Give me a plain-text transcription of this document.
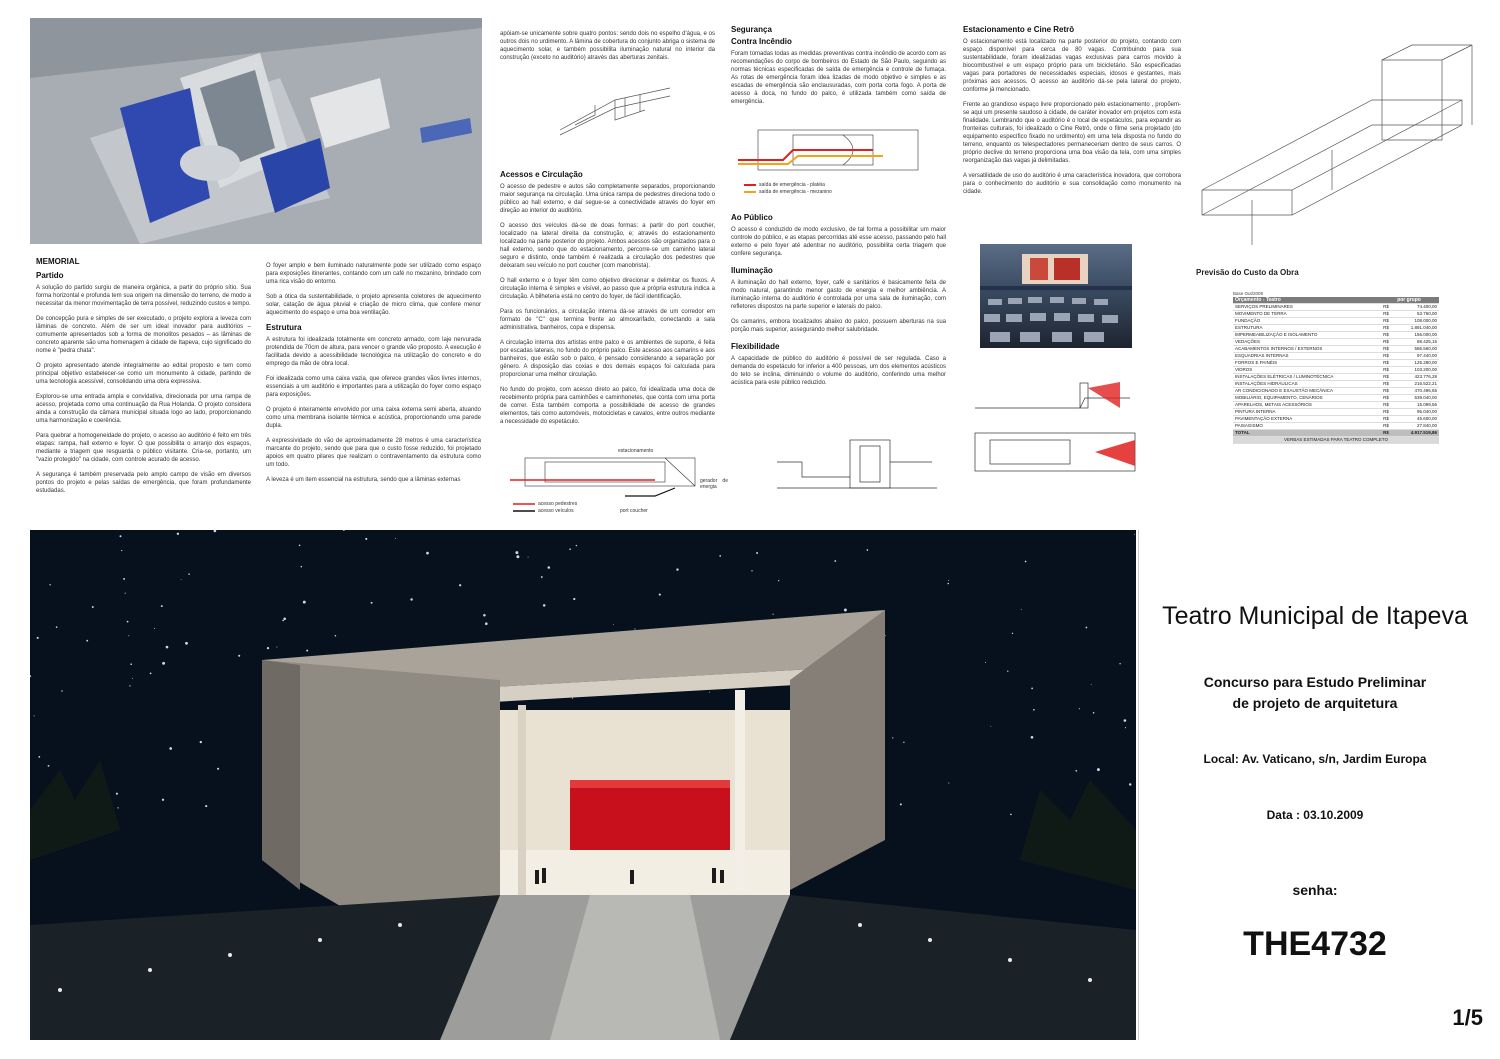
MEMORIAL
Partido

A solução do partido surgiu de maneira orgânica, a partir do próprio sítio. Sua forma horizontal e profunda tem sua origem na dimensão do terreno, de modo a necessitar da menor movimentação de terra possível, reduzindo custos e tempo.

De concepção pura e simples de ser executado, o projeto explora a leveza com lâminas de concreto. Além de ser um ideal inovador para auditórios – comumente apresentados sob a forma de monolitos pesados – as lâminas de concreto aparente são uma homenagem à cidade de Itapeva, cujo significado do nome é "pedra chata".

O projeto apresentado atende integralmente ao edital proposto e tem como principal objetivo estabelecer-se como um monumento à cidade, partindo de uma tecnologia acessível, consolidando uma obra expressiva.

Explorou-se uma entrada ampla e convidativa, direcionada por uma rampa de acesso, projetada como uma continuação da Rua Holanda. O projeto considera ainda a construção da câmara municipal situada logo ao lado, proporcionando uma harmonização e coerência.

Para quebrar a homogeneidade do projeto, o acesso ao auditório é feito em três etapas: rampa, hall externo e foyer. O que possibilita o arranjo dos espaços, mediante a triagem que resguarda o público visitante. Cria-se, portanto, um "vazio protegido" na cidade, com controle acurado de acesso.

A segurança é também preservada pelo amplo campo de visão em diversos pontos do projeto e pelas saídas de emergência, que foram profundamente estudadas.

O foyer amplo e bem iluminado naturalmente pode ser utilizado como espaço para exposições itinerantes, contando com um café no mezanino, brindado com uma rica visão do entorno.

Sob a ótica da sustentabilidade, o projeto apresenta coletores de aquecimento solar, catação de água pluvial e criação de micro clima, que confere menor aquecimento do espaço e uma boa ventilação.

Estrutura

A estrutura foi idealizada totalmente em concreto armado, com laje nervurada protendida de 70cm de altura, para vencer o grande vão proposto. A execução é facilitada devido a acessibilidade tecnológica na utilização do concreto e do emprego da mão de obra local.

Foi idealizada como uma caixa vazia, que oferece grandes vãos livres internos, essenciais a um auditório e importantes para a utilização do foyer como espaço para exposições.

O projeto é inteiramente envolvido por uma caixa externa semi aberta, atuando como uma membrana isolante térmica e acústica, proporcionando uma parede dupla.

A expressividade do vão de aproximadamente 28 metros é uma característica marcante do projeto, sendo que para que o custo fosse reduzido, foi projetado apoios em quatro pilares que realizam o contraventamento da estrutura como um todo.

A leveza é um item essencial na estrutura, sendo que a lâminas externas

apóiam-se unicamente sobre quatro pontos: sendo dois no espelho d'água, e os outros dois no urdimento. A lâmina de cobertura do conjunto abriga o sistema de aquecimento solar, e também possibilita iluminação natural no interior da construção (exceto no auditório) através das aberturas zenitais.

Acessos e Circulação

O acesso de pedestre e autos são completamente separados, proporcionando maior segurança na circulação. Uma única rampa de pedestres direciona todo o público ao hall externo, e daí segue-se a conectividade através do foyer em direção ao interior do auditório.

O acesso dos veículos dá-se de doas formas: a partir do port coucher, localizado na lateral direita da construção, e; através do estacionamento localizado na parte posterior do projeto. Ambos acessos são organizados para o hall externo, sendo que do estacionamento, percorre-se um caminho lateral seguro e distinto, onde também é realizada a circulação dos pedestres que deixaram seu veículo no port coucher (com manobrista).

O hall externo e o foyer têm como objetivo direcionar e delimitar os fluxos. A circulação interna é simples e visível, ao passo que a própria estrutura indica a circulação. A bilheteria está no centro do foyer, de fácil identificação.

Para os funcionários, a circulação interna dá-se através de um corredor em formato de "C" que termina frente ao almoxarifado, conectando a sala administrativa, banheiros, copa e dispensa.

A circulação interna dos artistas entre palco e os ambientes de suporte, é feita por escadas laterais, no fundo do próprio palco. Este acesso aos camarins e aos banheiros, que estão sob o palco, é pensado considerando a separação por gênero. A disposição das coxias e dos demais espaços foi calculada para proporcionar uma melhor circulação.

No fundo do projeto, com acesso direto ao palco, foi idealizada uma doca de recebimento própria para caminhões e caminhonetes, que conta com uma porta de correr. Esta também comporta a possibilidade de acesso de grandes elementos, tais como automóveis, motocicletas e cavalos, entre outros mediante a necessidade do espetáculo.

estacionamento
gerador de energia
acesso pedestres
acesso veículos	port coucher
Segurança
Contra Incêndio

Foram tomadas todas as medidas preventivas contra incêndio de acordo com as recomendações do corpo de bombeiros do Estado de São Paulo, seguindo as normas técnicas especificadas de saída de emergência e controle de fumaça. As rotas de emergência foram idea lizadas de modo objetivo e simples e as escadas de emergência são enclausuradas, com porta corta fogo. A porta de acesso à doca, no fundo do palco, é utilizada também como saída de emergência.

saída de emergência - platéia
saída de emergência - mezanino
Ao Público

O acesso é conduzido de modo exclusivo, de tal forma a possibilitar um maior controle do público, e as etapas percorridas até esse acesso, passando pelo hall externo e pelo foyer até adentrar no auditório, possibilita certa triagem que confere segurança.

Iluminação

A iluminação do hall externo, foyer, café e sanitários é basicamente feita de modo natural, garantindo menor gasto de energia e melhor ambiência. A iluminação interna do auditório é controlada por uma sala de iluminação, com refletores dispostos na parte superior e laterais do palco.

Os camarins, embora localizados abaixo do palco, possuem aberturas na sua porção mais superior, assegurando melhor salubridade.

Flexibilidade

A capacidade de público do auditório é possível de ser regulada. Caso a demanda do espetáculo for inferior a 400 pessoas, um dos elementos acústicos do teto se inclina, diminuindo o volume do auditório, conferindo uma melhor acústica para este público reduzido.

Estacionamento e Cine Retrô

O estacionamento está localizado na parte posterior do projeto, contando com espaço disponível para cerca de 80 vagas. Contribuindo para sua sustentabilidade, foram idealizadas vagas exclusivas para carros movido à biocombustível e um espaço próprio para um bicicletário. São especificadas vagas para portadores de necessidades especiais, idosos e gestantes, mais próximas aos acessos. O acesso ao auditório dá-se pela lateral do projeto, conforme já mencionado.

Frente ao grandioso espaço livre proporcionado pelo estacionamento , propõem-se aqui um presente saudoso à cidade, de caráter inovador em projetos com esta finalidade. Lembrando que o auditório é o local de espetáculos, para expandir as fronteiras culturais, foi idealizado o Cine Retrô, onde o filme seria projetado (do equipamento específico fixado no urdimento) em uma tela disposta no fundo do terreno, enquanto os telespectadores permaneceriam dentro de seus carros. O próprio declive do terreno proporciona uma boa visão da tela, com uma simples reorganização das vagas já delimitadas.

A versatilidade de uso do auditório é uma característica inovadora, que corrobora para o conhecimento do auditório e sua consolidação como monumento na cidade.

Previsão do Custo da Obra
Base Out/2009
Orçamento - Teatro		por grupo
SERVIÇOS PRELIMINARES	R$	74.400,00
MOVIMENTO DE TERRA	R$	53.760,00
FUNDAÇÃO	R$	108.000,00
ESTRUTURA	R$	1.891.040,00
IMPERMEABILIZAÇÃO E ISOLAMENTO	R$	156.000,00
VEDAÇÕES	R$	88.425,15
ACABAMENTOS INTERNOS / EXTERNOS	R$	586.560,00
ESQUADRIAS INTERNAS	R$	97.440,00
FORROS E PAINÉIS	R$	125.280,00
VIDROS	R$	103.200,00
INSTALAÇÕES ELÉTRICAS / LUMINOTÉCNICA	R$	423.776,28
INSTALAÇÕES HIDRÁULICAS	R$	216.522,21
AR CONDICIONADO E EXAUSTÃO MECÂNICA	R$	470.496,65
MOBILIÁRIO, EQUIPAMENTO, CENÁRIOS	R$	539.040,00
APARELHOS, METAIS ACESSÓRIOS	R$	15.099,56
PINTURA INTERNA	R$	95.040,00
PAVIMENTAÇÃO EXTERNA	R$	45.600,00
PAISAGISMO	R$	27.840,00
TOTAL	R$	4.917.519,86
VERBAS ESTIMADAS PARA TEATRO COMPLETO		
Teatro Municipal de Itapeva
Concurso para Estudo Preliminar
de projeto de arquitetura
Local: Av. Vaticano, s/n, Jardim Europa
Data : 03.10.2009
senha:
THE4732
1/5
